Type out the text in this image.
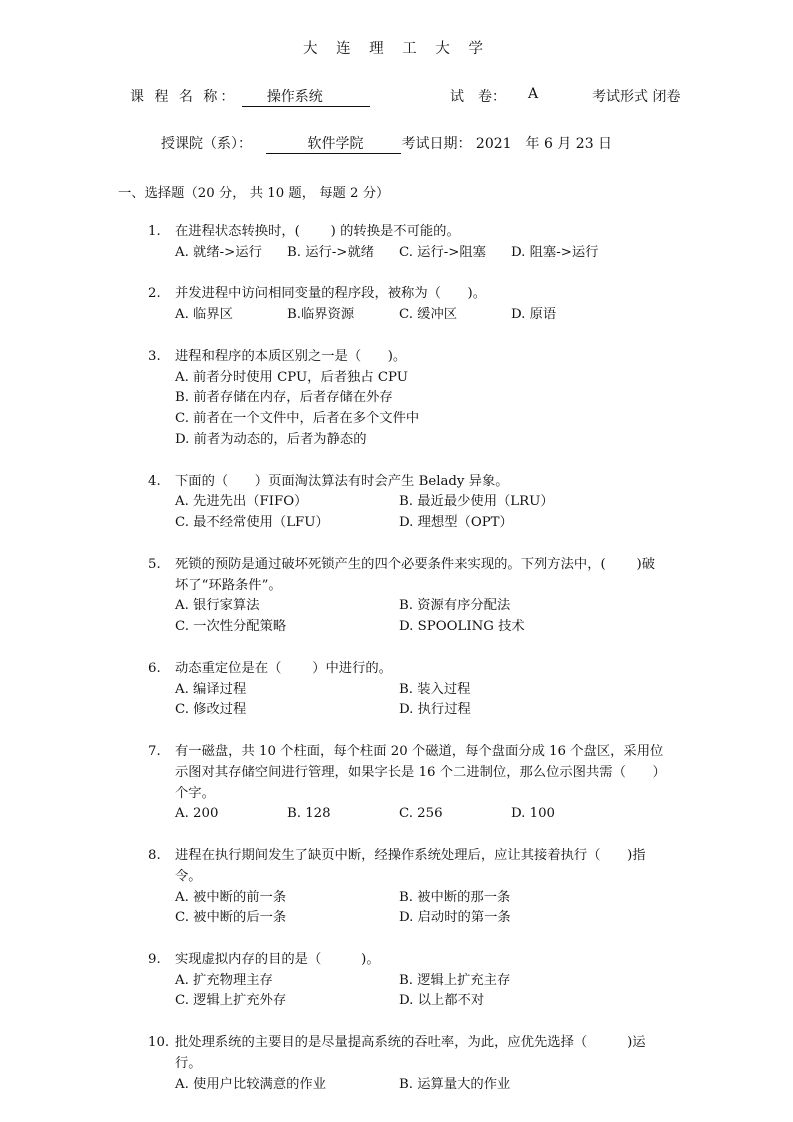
大 连 理 工 大 学
课 程 名 称： 操作系统	试　卷： A	考试形式 闭卷
授课院（系）：	软件学院	考试日期： 2021　年 6 月 23 日
一、选择题（20 分， 共 10 题， 每题 2 分）
1. 在进程状态转换时，(　　 ) 的转换是不可能的。
A. 就绪->运行	B. 运行->就绪	C. 运行->阻塞	D. 阻塞->运行
2. 并发进程中访问相同变量的程序段，被称为（　　)。
A. 临界区	B.临界资源	C. 缓冲区	D. 原语
3. 进程和程序的本质区别之一是（　　)。
A. 前者分时使用 CPU，后者独占 CPU
B. 前者存储在内存，后者存储在外存
C. 前者在一个文件中，后者在多个文件中
D. 前者为动态的，后者为静态的
4. 下面的（　　）页面淘汰算法有时会产生 Belady 异象。
A. 先进先出（FIFO）	B. 最近最少使用（LRU）
C. 最不经常使用（LFU）	D. 理想型（OPT）
5. 死锁的预防是通过破坏死锁产生的四个必要条件来实现的。下列方法中，(　　 )破
坏了“环路条件”。
A. 银行家算法	B. 资源有序分配法
C. 一次性分配策略	D. SPOOLING 技术
6. 动态重定位是在（　　 ）中进行的。
A. 编译过程	B. 装入过程
C. 修改过程	D. 执行过程
7. 有一磁盘，共 10 个柱面，每个柱面 20 个磁道，每个盘面分成 16 个盘区，采用位
示图对其存储空间进行管理，如果字长是 16 个二进制位，那么位示图共需（　　）
个字。
A. 200	B. 128	C. 256	D. 100
8. 进程在执行期间发生了缺页中断，经操作系统处理后，应让其接着执行（　　)指
令。
A. 被中断的前一条	B. 被中断的那一条
C. 被中断的后一条	D. 启动时的第一条
9. 实现虚拟内存的目的是（　　　)。
A. 扩充物理主存	B. 逻辑上扩充主存
C. 逻辑上扩充外存	D. 以上都不对
10. 批处理系统的主要目的是尽量提高系统的吞吐率，为此，应优先选择（　　　)运
行。
A. 使用户比较满意的作业	B. 运算量大的作业
